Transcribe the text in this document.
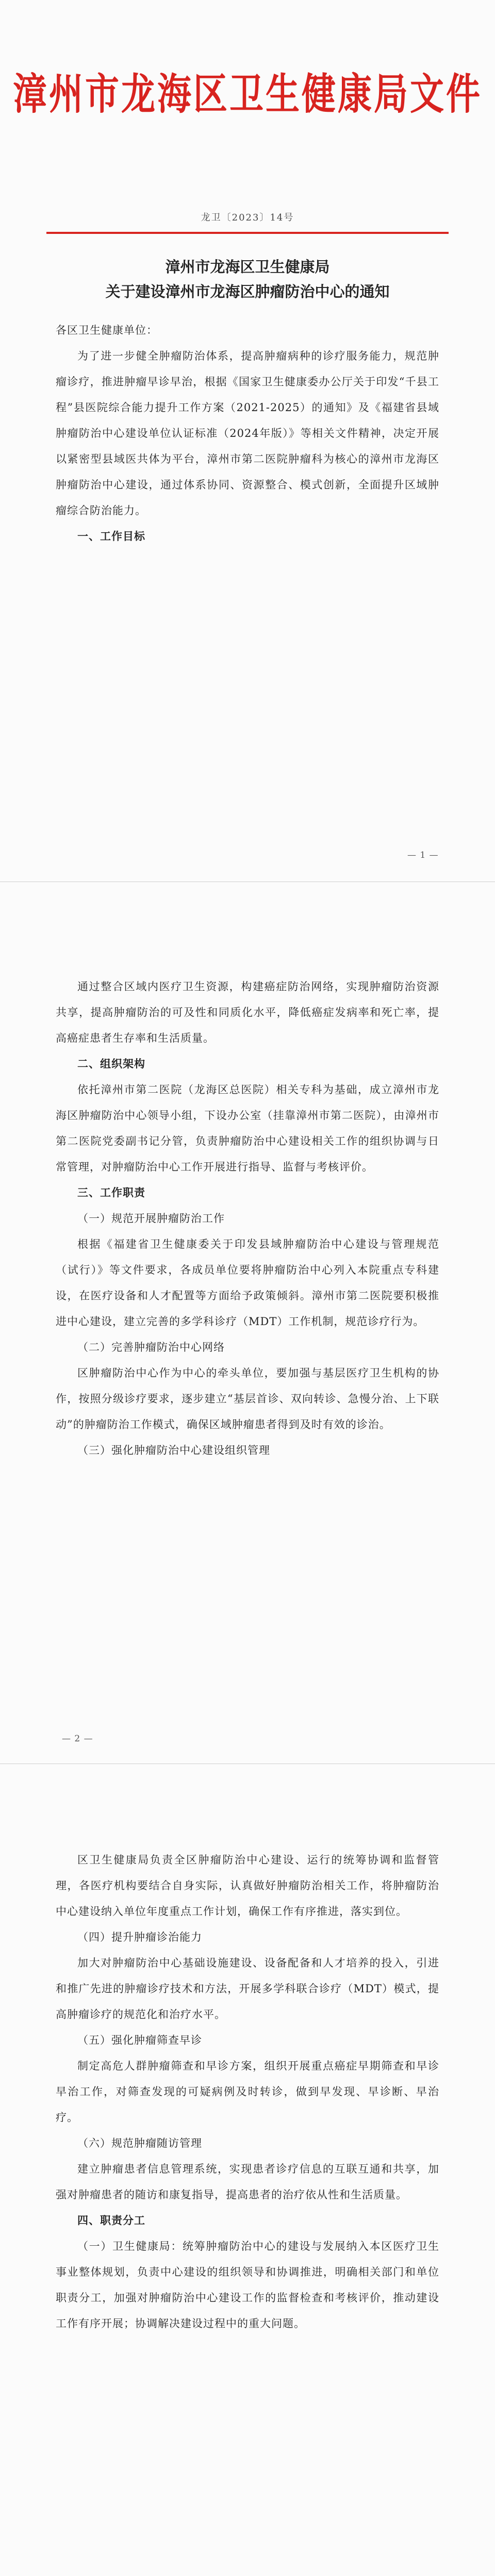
漳州市龙海区卫生健康局文件
龙卫〔2023〕14号
漳州市龙海区卫生健康局
关于建设漳州市龙海区肿瘤防治中心的通知

各区卫生健康单位：

为了进一步健全肿瘤防治体系，提高肿瘤病种的诊疗服务能力，规范肿瘤诊疗，推进肿瘤早诊早治，根据《国家卫生健康委办公厅关于印发“千县工程”县医院综合能力提升工作方案（2021-2025）的通知》及《福建省县域肿瘤防治中心建设单位认证标准（2024年版）》等相关文件精神，决定开展以紧密型县域医共体为平台，漳州市第二医院肿瘤科为核心的漳州市龙海区肿瘤防治中心建设，通过体系协同、资源整合、模式创新，全面提升区域肿瘤综合防治能力。

一、工作目标

— 1 —

通过整合区域内医疗卫生资源，构建癌症防治网络，实现肿瘤防治资源共享，提高肿瘤防治的可及性和同质化水平，降低癌症发病率和死亡率，提高癌症患者生存率和生活质量。

二、组织架构

依托漳州市第二医院（龙海区总医院）相关专科为基础，成立漳州市龙海区肿瘤防治中心领导小组，下设办公室（挂靠漳州市第二医院），由漳州市第二医院党委副书记分管，负责肿瘤防治中心建设相关工作的组织协调与日常管理，对肿瘤防治中心工作开展进行指导、监督与考核评价。

三、工作职责

（一）规范开展肿瘤防治工作

根据《福建省卫生健康委关于印发县域肿瘤防治中心建设与管理规范（试行）》等文件要求，各成员单位要将肿瘤防治中心列入本院重点专科建设，在医疗设备和人才配置等方面给予政策倾斜。漳州市第二医院要积极推进中心建设，建立完善的多学科诊疗（MDT）工作机制，规范诊疗行为。

（二）完善肿瘤防治中心网络

区肿瘤防治中心作为中心的牵头单位，要加强与基层医疗卫生机构的协作，按照分级诊疗要求，逐步建立“基层首诊、双向转诊、急慢分治、上下联动”的肿瘤防治工作模式，确保区域肿瘤患者得到及时有效的诊治。

（三）强化肿瘤防治中心建设组织管理

— 2 —

区卫生健康局负责全区肿瘤防治中心建设、运行的统筹协调和监督管理，各医疗机构要结合自身实际，认真做好肿瘤防治相关工作，将肿瘤防治中心建设纳入单位年度重点工作计划，确保工作有序推进，落实到位。

（四）提升肿瘤诊治能力

加大对肿瘤防治中心基础设施建设、设备配备和人才培养的投入，引进和推广先进的肿瘤诊疗技术和方法，开展多学科联合诊疗（MDT）模式，提高肿瘤诊疗的规范化和治疗水平。

（五）强化肿瘤筛查早诊

制定高危人群肿瘤筛查和早诊方案，组织开展重点癌症早期筛查和早诊早治工作，对筛查发现的可疑病例及时转诊，做到早发现、早诊断、早治疗。

（六）规范肿瘤随访管理

建立肿瘤患者信息管理系统，实现患者诊疗信息的互联互通和共享，加强对肿瘤患者的随访和康复指导，提高患者的治疗依从性和生活质量。

四、职责分工

（一）卫生健康局：统筹肿瘤防治中心的建设与发展纳入本区医疗卫生事业整体规划，负责中心建设的组织领导和协调推进，明确相关部门和单位职责分工，加强对肿瘤防治中心建设工作的监督检查和考核评价，推动建设工作有序开展；协调解决建设过程中的重大问题。
